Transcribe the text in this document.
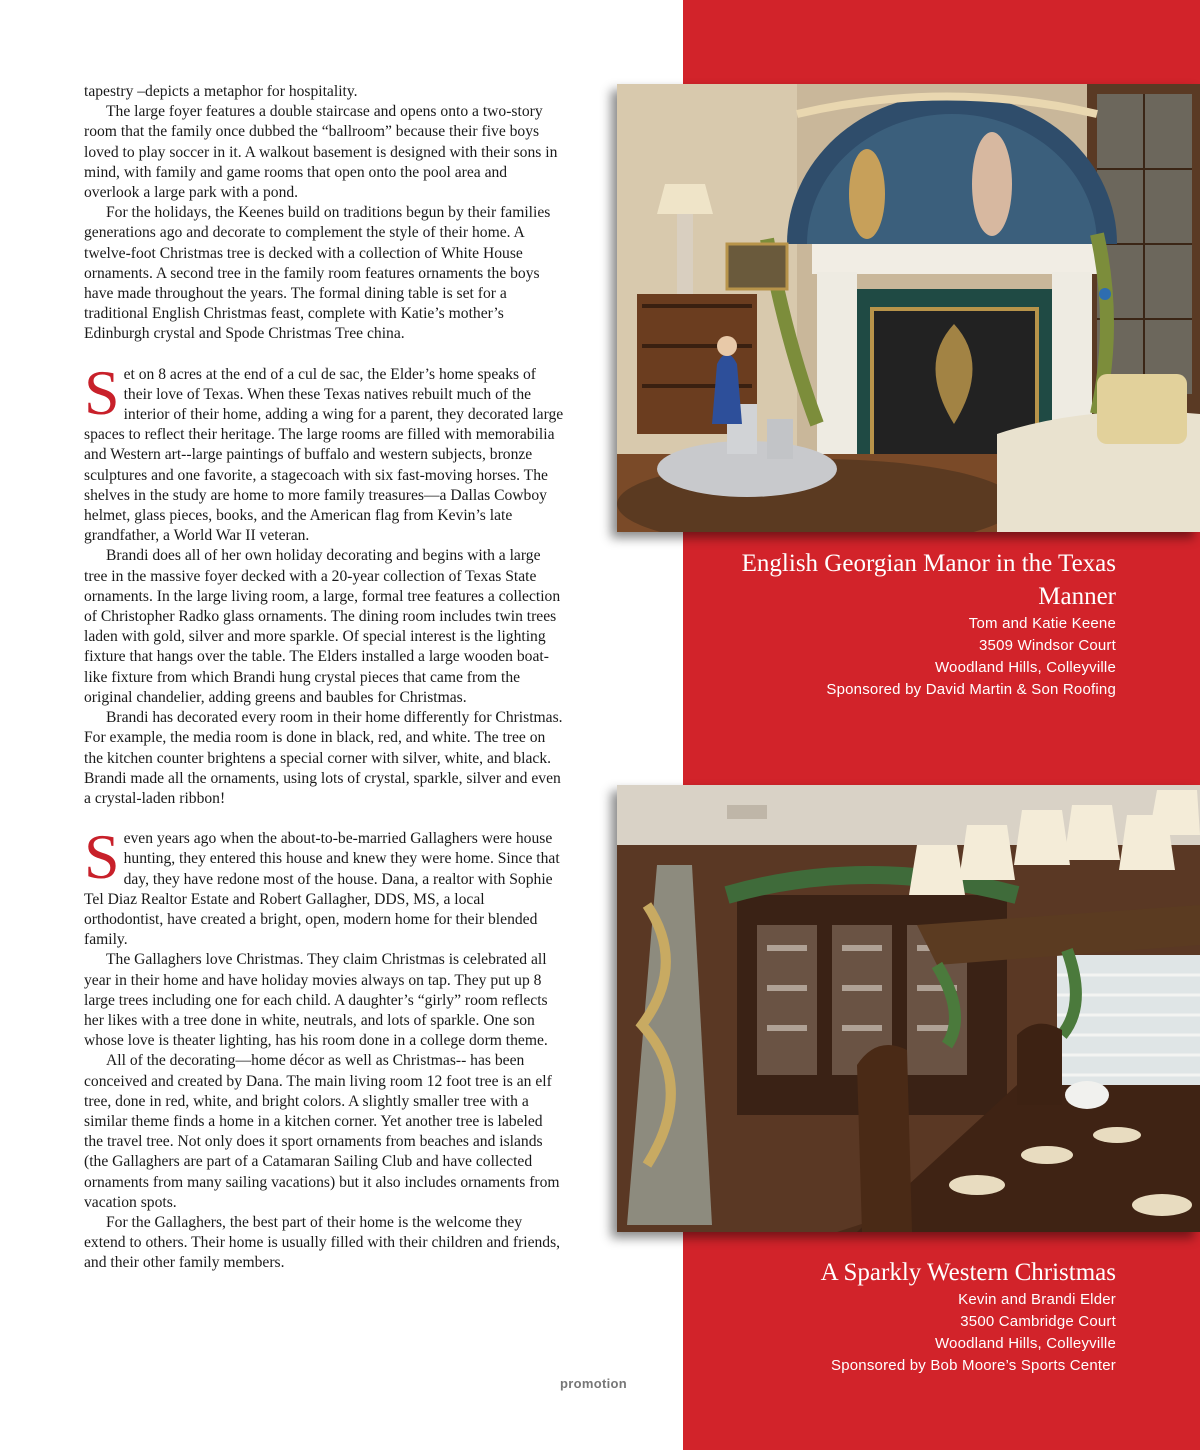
tapestry –depicts a metaphor for hospitality.

The large foyer features a double staircase and opens onto a two-story room that the family once dubbed the “ballroom” because their five boys loved to play soccer in it. A walkout basement is designed with their sons in mind, with family and game rooms that open onto the pool area and overlook a large park with a pond.

For the holidays, the Keenes build on traditions begun by their families generations ago and decorate to complement the style of their home. A twelve-foot Christmas tree is decked with a collection of White House ornaments. A second tree in the family room features ornaments the boys have made throughout the years. The formal dining table is set for a traditional English Christmas feast, complete with Katie’s mother’s Edinburgh crystal and Spode Christmas Tree china.

Set on 8 acres at the end of a cul de sac, the Elder’s home speaks of their love of Texas. When these Texas natives rebuilt much of the interior of their home, adding a wing for a parent, they decorated large spaces to reflect their heritage. The large rooms are filled with memorabilia and Western art--large paintings of buffalo and western subjects, bronze sculptures and one favorite, a stagecoach with six fast-moving horses. The shelves in the study are home to more family treasures—a Dallas Cowboy helmet, glass pieces, books, and the American flag from Kevin’s late grandfather, a World War II veteran.

Brandi does all of her own holiday decorating and begins with a large tree in the massive foyer decked with a 20-year collection of Texas State ornaments. In the large living room, a large, formal tree features a collection of Christopher Radko glass ornaments. The dining room includes twin trees laden with gold, silver and more sparkle. Of special interest is the lighting fixture that hangs over the table. The Elders installed a large wooden boat-like fixture from which Brandi hung crystal pieces that came from the original chandelier, adding greens and baubles for Christmas.

Brandi has decorated every room in their home differently for Christmas. For example, the media room is done in black, red, and white. The tree on the kitchen counter brightens a special corner with silver, white, and black. Brandi made all the ornaments, using lots of crystal, sparkle, silver and even a crystal-laden ribbon!

Seven years ago when the about-to-be-married Gallaghers were house hunting, they entered this house and knew they were home. Since that day, they have redone most of the house. Dana, a realtor with Sophie Tel Diaz Realtor Estate and Robert Gallagher, DDS, MS, a local orthodontist, have created a bright, open, modern home for their blended family.

The Gallaghers love Christmas. They claim Christmas is celebrated all year in their home and have holiday movies always on tap. They put up 8 large trees including one for each child. A daughter’s “girly” room reflects her likes with a tree done in white, neutrals, and lots of sparkle. One son whose love is theater lighting, has his room done in a college dorm theme.

All of the decorating—home décor as well as Christmas-- has been conceived and created by Dana. The main living room 12 foot tree is an elf tree, done in red, white, and bright colors. A slightly smaller tree with a similar theme finds a home in a kitchen corner. Yet another tree is labeled the travel tree. Not only does it sport ornaments from beaches and islands (the Gallaghers are part of a Catamaran Sailing Club and have collected ornaments from many sailing vacations) but it also includes ornaments from vacation spots.

For the Gallaghers, the best part of their home is the welcome they extend to others. Their home is usually filled with their children and friends, and their other family members.

promotion
English Georgian Manor in the Texas Manner
Tom and Katie Keene
3509 Windsor Court
Woodland Hills, Colleyville
Sponsored by David Martin & Son Roofing
A Sparkly Western Christmas
Kevin and Brandi Elder
3500 Cambridge Court
Woodland Hills, Colleyville
Sponsored by Bob Moore’s Sports Center
